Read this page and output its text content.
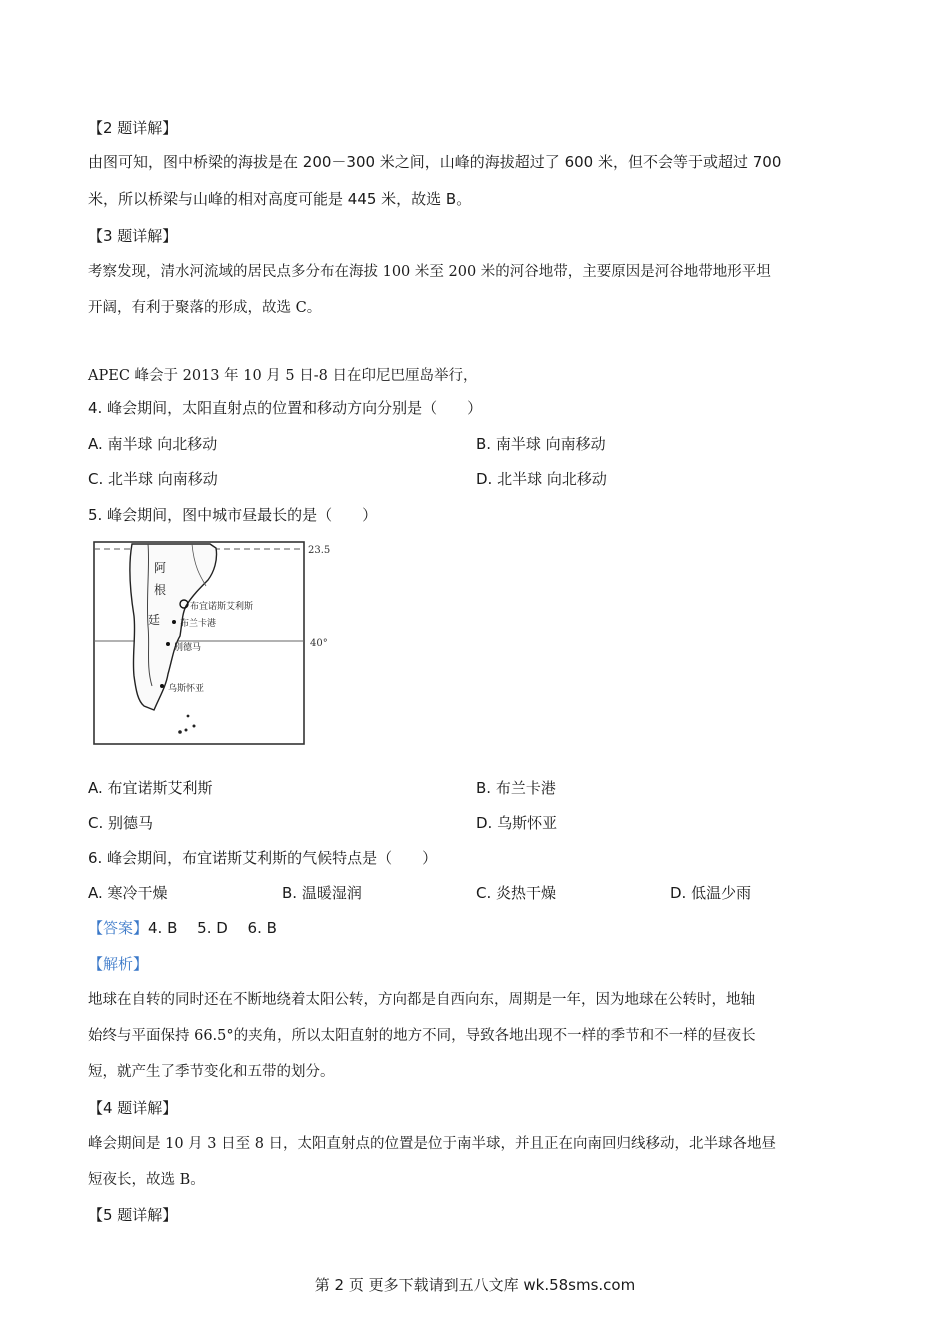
【2 题详解】
由图可知，图中桥梁的海拔是在 200－300 米之间，山峰的海拔超过了 600 米，但不会等于或超过 700
米，所以桥梁与山峰的相对高度可能是 445 米，故选 B。
【3 题详解】
考察发现，清水河流域的居民点多分布在海拔 100 米至 200 米的河谷地带，主要原因是河谷地带地形平坦
开阔，有利于聚落的形成，故选 C。
APEC 峰会于 2013 年 10 月 5 日-8 日在印尼巴厘岛举行，
4. 峰会期间，太阳直射点的位置和移动方向分别是（　　）
A. 南半球 向北移动	B. 南半球 向南移动
C. 北半球 向南移动	D. 北半球 向北移动
5. 峰会期间，图中城市昼最长的是（　　）
23.5
40°
阿
根
廷
布宜诺斯艾利斯
布兰卡港
别德马
乌斯怀亚
A. 布宜诺斯艾利斯	B. 布兰卡港
C. 别德马	D. 乌斯怀亚
6. 峰会期间，布宜诺斯艾利斯的气候特点是（　　）
A. 寒冷干燥	B. 温暖湿润	C. 炎热干燥	D. 低温少雨
【答案】4. B　 5. D　 6. B
【解析】
地球在自转的同时还在不断地绕着太阳公转，方向都是自西向东，周期是一年，因为地球在公转时，地轴
始终与平面保持 66.5°的夹角，所以太阳直射的地方不同，导致各地出现不一样的季节和不一样的昼夜长
短，就产生了季节变化和五带的划分。
【4 题详解】
峰会期间是 10 月 3 日至 8 日，太阳直射点的位置是位于南半球，并且正在向南回归线移动，北半球各地昼
短夜长，故选 B。
【5 题详解】
第 2 页 更多下载请到五八文库 wk.58sms.com
